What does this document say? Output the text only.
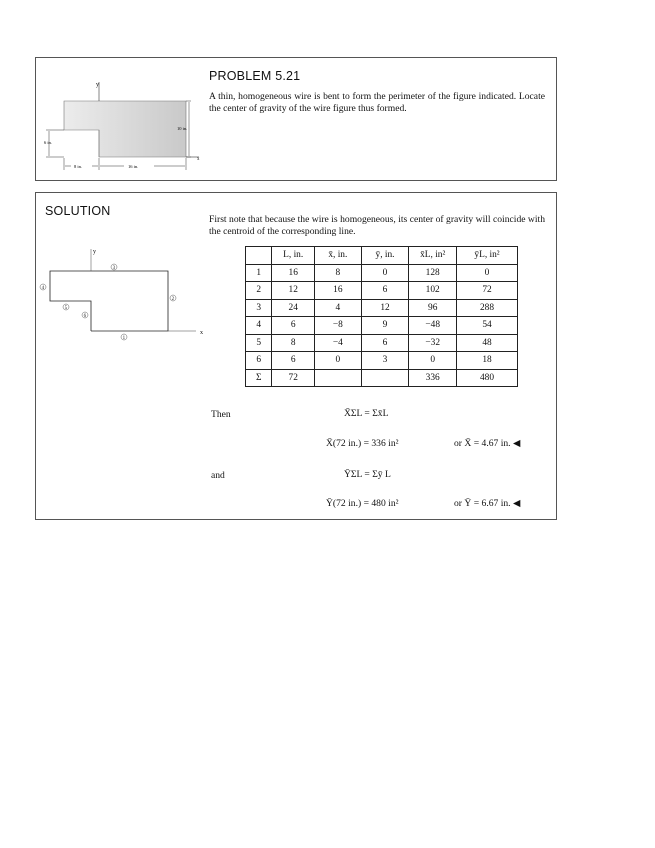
y
x
10 in.
6 in.
8 in.	16 in.
PROBLEM 5.21
A thin, homogeneous wire is bent to form the perimeter of the figure indicated. Locate the center of gravity of the wire figure thus formed.
SOLUTION
First note that because the wire is homogeneous, its center of gravity will coincide with the centroid of the corresponding line.
y
x
1
2
3
4
5
6
	L, in.	x̄, in.	ȳ, in.	x̄L, in²	ȳL, in²
1	16	8	0	128	0
2	12	16	6	102	72
3	24	4	12	96	288
4	6	−8	9	−48	54
5	8	−4	6	−32	48
6	6	0	3	0	18
Σ	72			336	480
Then	X̄ΣL = Σx̄L
X̄(72 in.) = 336 in²	or X̄ = 4.67 in. ◀
and	ȲΣL = Σȳ L
Ȳ(72 in.) = 480 in²	or Ȳ = 6.67 in. ◀
